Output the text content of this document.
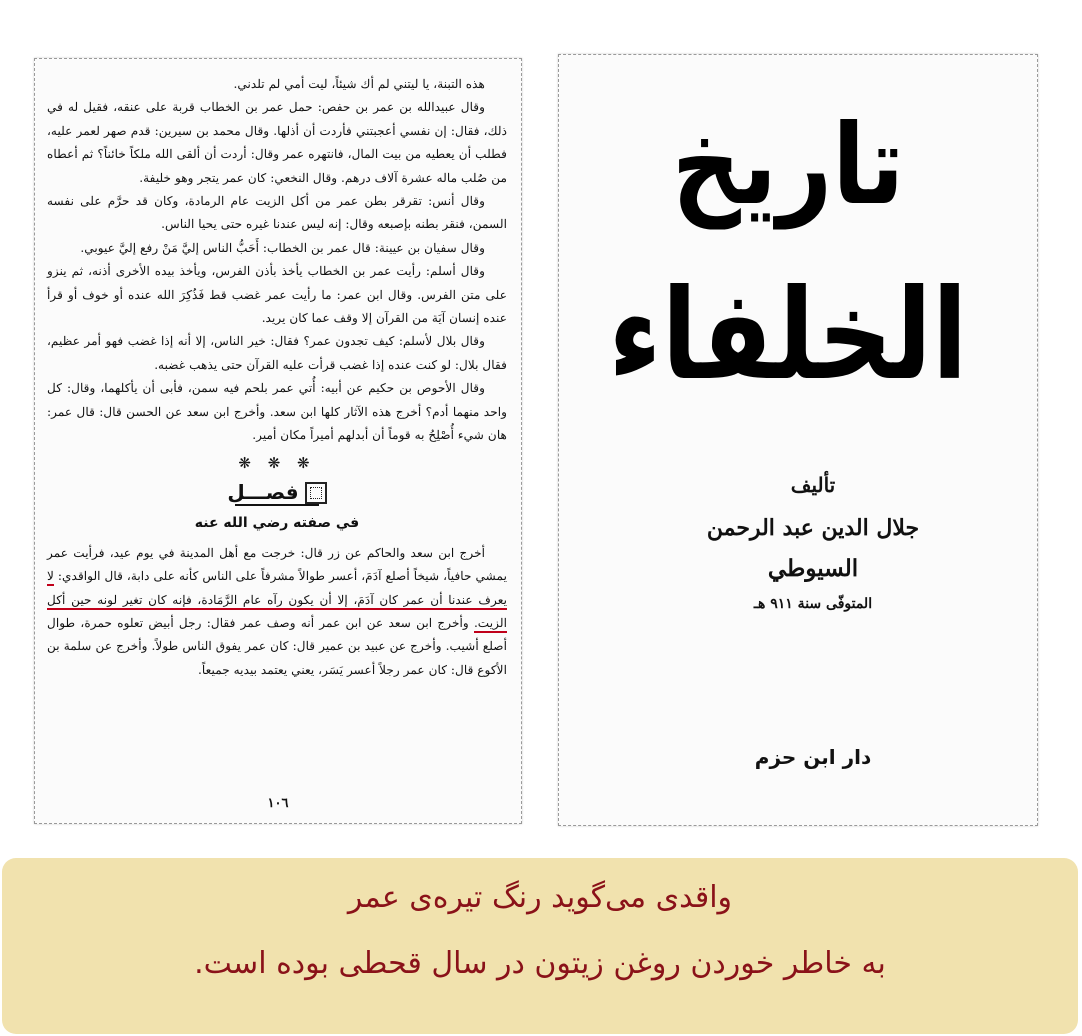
هذه التبنة، يا ليتني لم أك شيئاً، ليت أمي لم تلدني.

وقال عبيدالله بن عمر بن حفص: حمل عمر بن الخطاب قربة على عنقه، فقيل له في ذلك، فقال: إن نفسي أعجبتني فأردت أن أذلها. وقال محمد بن سيرين: قدم صهر لعمر عليه، فطلب أن يعطيه من بيت المال، فانتهره عمر وقال: أردت أن ألقى الله ملكاً خائناً؟ ثم أعطاه من صُلب ماله عشرة آلاف درهم. وقال النخعي: كان عمر يتجر وهو خليفة.

وقال أنس: تقرقر بطن عمر من أكل الزيت عام الرمادة، وكان قد حرَّم على نفسه السمن، فنقر بطنه بإصبعه وقال: إنه ليس عندنا غيره حتى يحيا الناس.

وقال سفيان بن عيينة: قال عمر بن الخطاب: أَحَبُّ الناس إليَّ مَنْ رفع إليَّ عيوبي.

وقال أسلم: رأيت عمر بن الخطاب يأخذ بأذن الفرس، ويأخذ بيده الأخرى أذنه، ثم ينزو على متن الفرس. وقال ابن عمر: ما رأيت عمر غضب قط فَذُكِرَ الله عنده أو خوف أو قرأ عنده إنسان آيَة من القرآن إلا وقف عما كان يريد.

وقال بلال لأسلم: كيف تجدون عمر؟ فقال: خير الناس، إلا أنه إذا غضب فهو أمر عظيم، فقال بلال: لو كنت عنده إذا غضب قرأت عليه القرآن حتى يذهب غضبه.

وقال الأحوص بن حكيم عن أبيه: أُتي عمر بلحم فيه سمن، فأبى أن يأكلهما، وقال: كل واحد منهما أدم؟ أخرج هذه الآثار كلها ابن سعد. وأخرج ابن سعد عن الحسن قال: قال عمر: هان شيء أُصْلِحُ به قوماً أن أبدلهم أميراً مكان أمير.

❋ ❋ ❋
فصـــل
في صفته رضي الله عنه

أخرج ابن سعد والحاكم عن زر قال: خرجت مع أهل المدينة في يوم عيد، فرأيت عمر يمشي حافياً، شيخاً أصلع آدَمَ، أعسر طوالاً مشرفاً على الناس كأنه على دابة، قال الواقدي: لا يعرف عندنا أن عمر كان آدَمَ، إلا أن يكون رآه عام الرَّمَادة، فإنه كان تغير لونه حين أكل الزيت. وأخرج ابن سعد عن ابن عمر أنه وصف عمر فقال: رجل أبيض تعلوه حمرة، طوال أصلع أشيب. وأخرج عن عبيد بن عمير قال: كان عمر يفوق الناس طولاً. وأخرج عن سلمة بن الأكوع قال: كان عمر رجلاً أعسر يَسَر، يعني يعتمد بيديه جميعاً.

١٠٦
تاريخ
الخلفاء
تأليف
جلال الدين عبد الرحمن
السيوطي
المتوفّى سنة ٩١١ هـ
دار ابن حزم
واقدی می‌گوید رنگ تیره‌ی عمر
به خاطر خوردن روغن زیتون در سال قحطی بوده است.
